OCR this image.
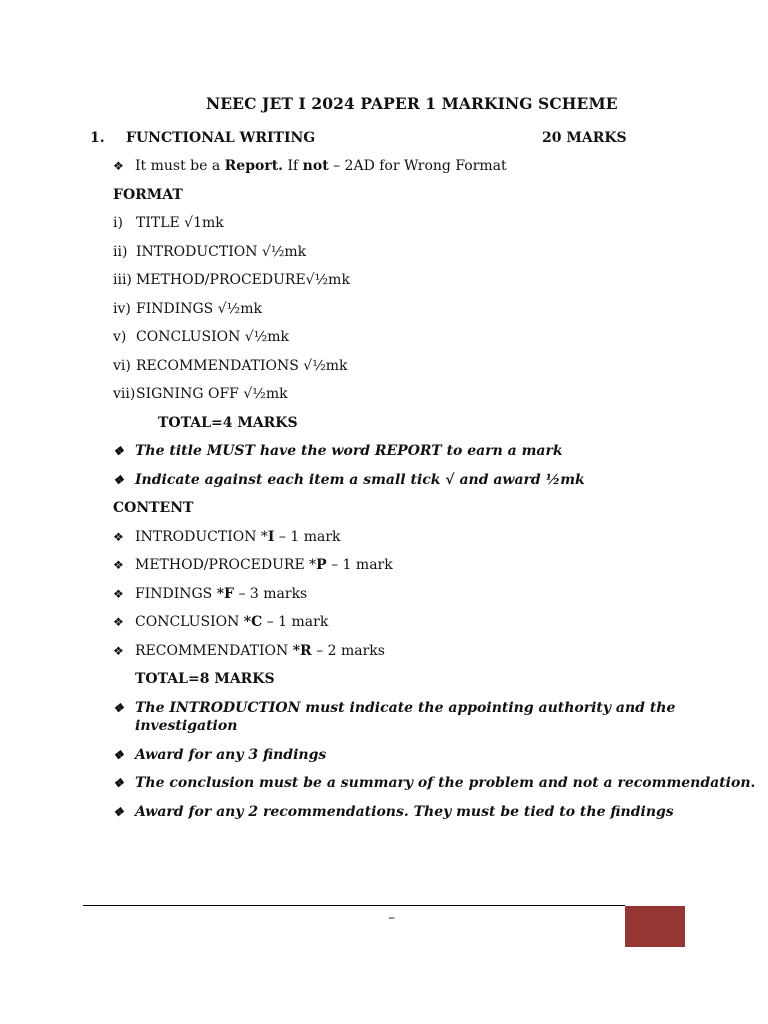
NEEC JET I 2024 PAPER 1 MARKING SCHEME
1. FUNCTIONAL WRITING	20 MARKS
❖ It must be a Report. If not – 2AD for Wrong Format
FORMAT
i) TITLE √1mk
ii) INTRODUCTION √½mk
iii) METHOD/PROCEDURE√½mk
iv) FINDINGS √½mk
v) CONCLUSION √½mk
vi) RECOMMENDATIONS √½mk
vii)SIGNING OFF √½mk
TOTAL=4 MARKS
❖ The title MUST have the word REPORT to earn a mark
❖ Indicate against each item a small tick √ and award ½mk
CONTENT
❖ INTRODUCTION *I – 1 mark
❖ METHOD/PROCEDURE *P – 1 mark
❖ FINDINGS *F – 3 marks
❖ CONCLUSION *C – 1 mark
❖ RECOMMENDATION *R – 2 marks
TOTAL=8 MARKS
❖ The INTRODUCTION must indicate the appointing authority and the
investigation
❖ Award for any 3 findings
❖ The conclusion must be a summary of the problem and not a recommendation.
❖ Award for any 2 recommendations. They must be tied to the findings
–
